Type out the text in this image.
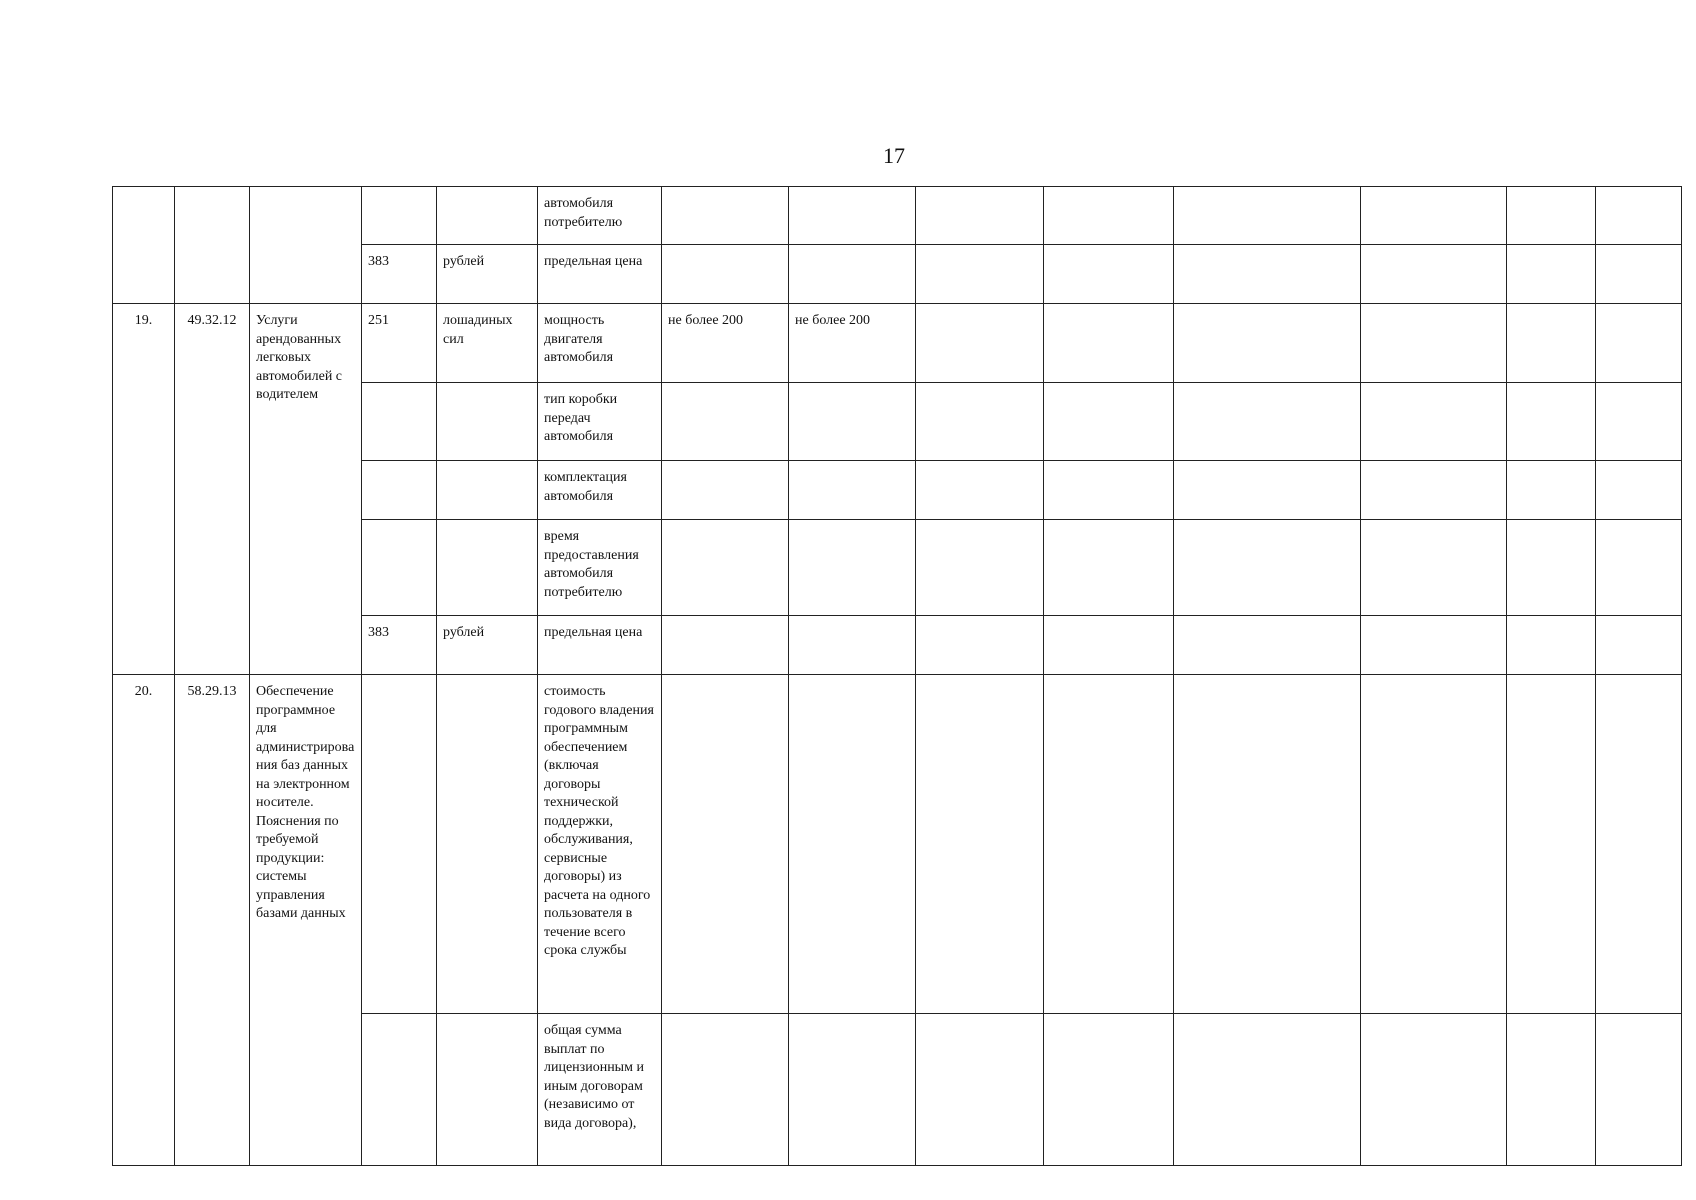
17
					автомобиля потребителю								
			383	рублей	предельная цена								
19.	49.32.12	Услуги арендованных легковых автомобилей с водителем	251	лошадиных сил	мощность двигателя автомобиля	не более 200	не более 200						
					тип коробки передач автомобиля								
					комплектация автомобиля								
					время предоставления автомобиля потребителю								
			383	рублей	предельная цена								
20.	58.29.13	Обеспечение программное для администрирования баз данных на электронном носителе. Пояснения по требуемой продукции: системы управления базами данных			стоимость годового владения программным обеспечением (включая договоры технической поддержки, обслуживания, сервисные договоры) из расчета на одного пользователя в течение всего срока службы								
					общая сумма выплат по лицензионным и иным договорам (независимо от вида договора),								
